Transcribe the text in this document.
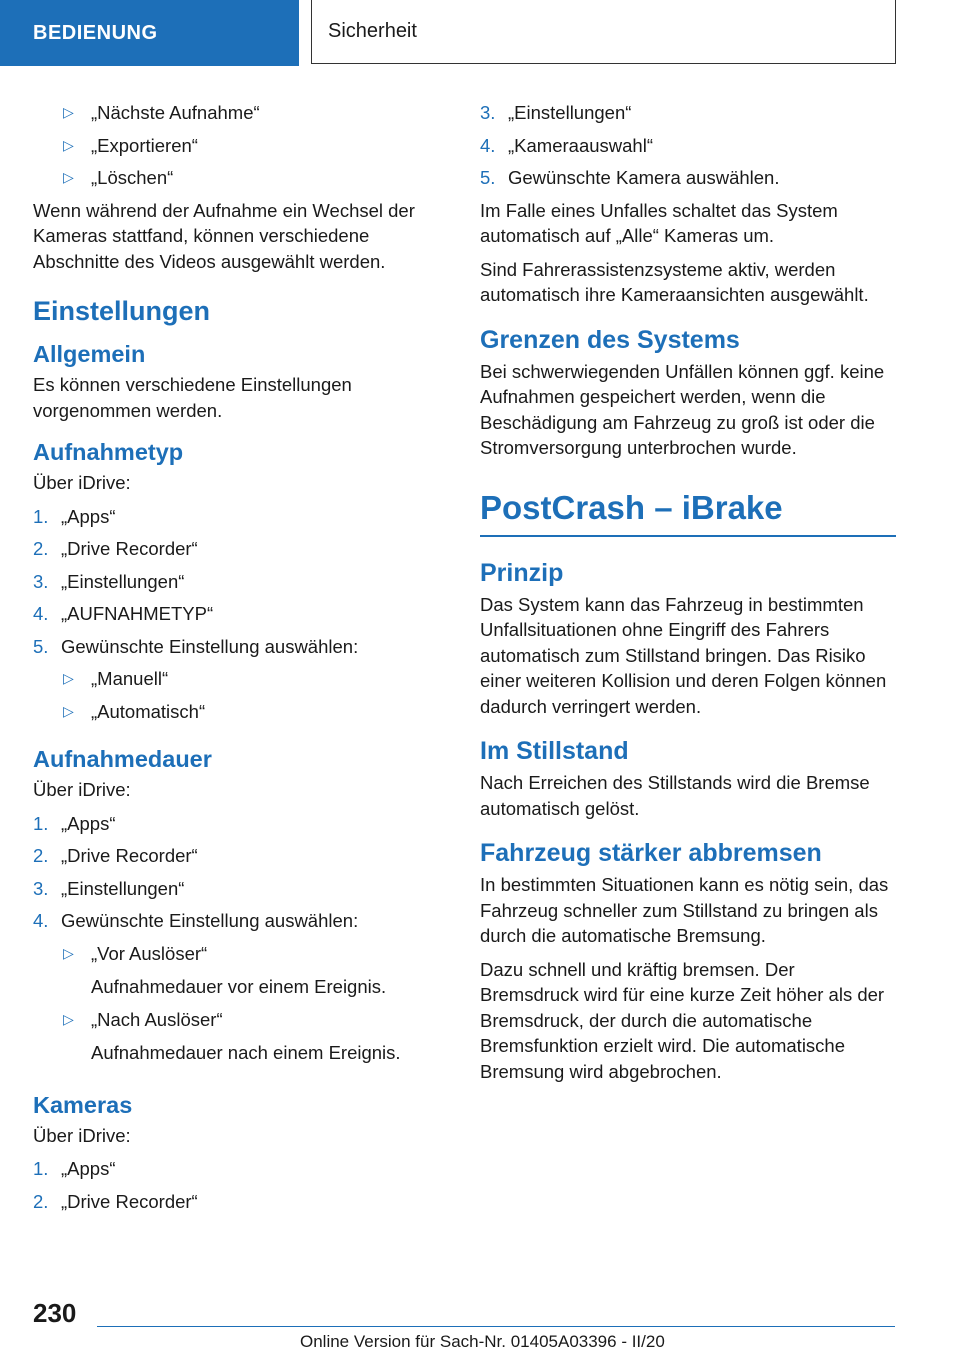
BEDIENUNG	Sicherheit
▷ „Nächste Aufnahme“
▷ „Exportieren“
▷ „Löschen“

Wenn während der Aufnahme ein Wechsel der Kameras stattfand, können verschiedene Abschnitte des Videos ausgewählt werden.

Einstellungen
Allgemein

Es können verschiedene Einstellungen vorgenommen werden.

Aufnahmetyp

Über iDrive:

1. „Apps“
2. „Drive Recorder“
3. „Einstellungen“
4. „AUFNAHMETYP“
5. Gewünschte Einstellung auswählen:
▷ „Manuell“
▷ „Automatisch“
Aufnahmedauer

Über iDrive:

1. „Apps“
2. „Drive Recorder“
3. „Einstellungen“
4. Gewünschte Einstellung auswählen:
▷ „Vor Auslöser“
Aufnahmedauer vor einem Ereignis.
▷ „Nach Auslöser“
Aufnahmedauer nach einem Ereignis.
Kameras

Über iDrive:

1. „Apps“
2. „Drive Recorder“
3. „Einstellungen“
4. „Kameraauswahl“
5. Gewünschte Kamera auswählen.

Im Falle eines Unfalles schaltet das System automatisch auf „Alle“ Kameras um.

Sind Fahrerassistenzsysteme aktiv, werden automatisch ihre Kameraansichten ausgewählt.

Grenzen des Systems

Bei schwerwiegenden Unfällen können ggf. keine Aufnahmen gespeichert werden, wenn die Beschädigung am Fahrzeug zu groß ist oder die Stromversorgung unterbrochen wurde.

PostCrash – iBrake
Prinzip

Das System kann das Fahrzeug in bestimmten Unfallsituationen ohne Eingriff des Fahrers automatisch zum Stillstand bringen. Das Risiko einer weiteren Kollision und deren Folgen können dadurch verringert werden.

Im Stillstand

Nach Erreichen des Stillstands wird die Bremse automatisch gelöst.

Fahrzeug stärker abbremsen

In bestimmten Situationen kann es nötig sein, das Fahrzeug schneller zum Stillstand zu bringen als durch die automatische Bremsung.

Dazu schnell und kräftig bremsen. Der Bremsdruck wird für eine kurze Zeit höher als der Bremsdruck, der durch die automatische Bremsfunktion erzielt wird. Die automatische Bremsung wird abgebrochen.

230
Online Version für Sach-Nr. 01405A03396 - II/20
